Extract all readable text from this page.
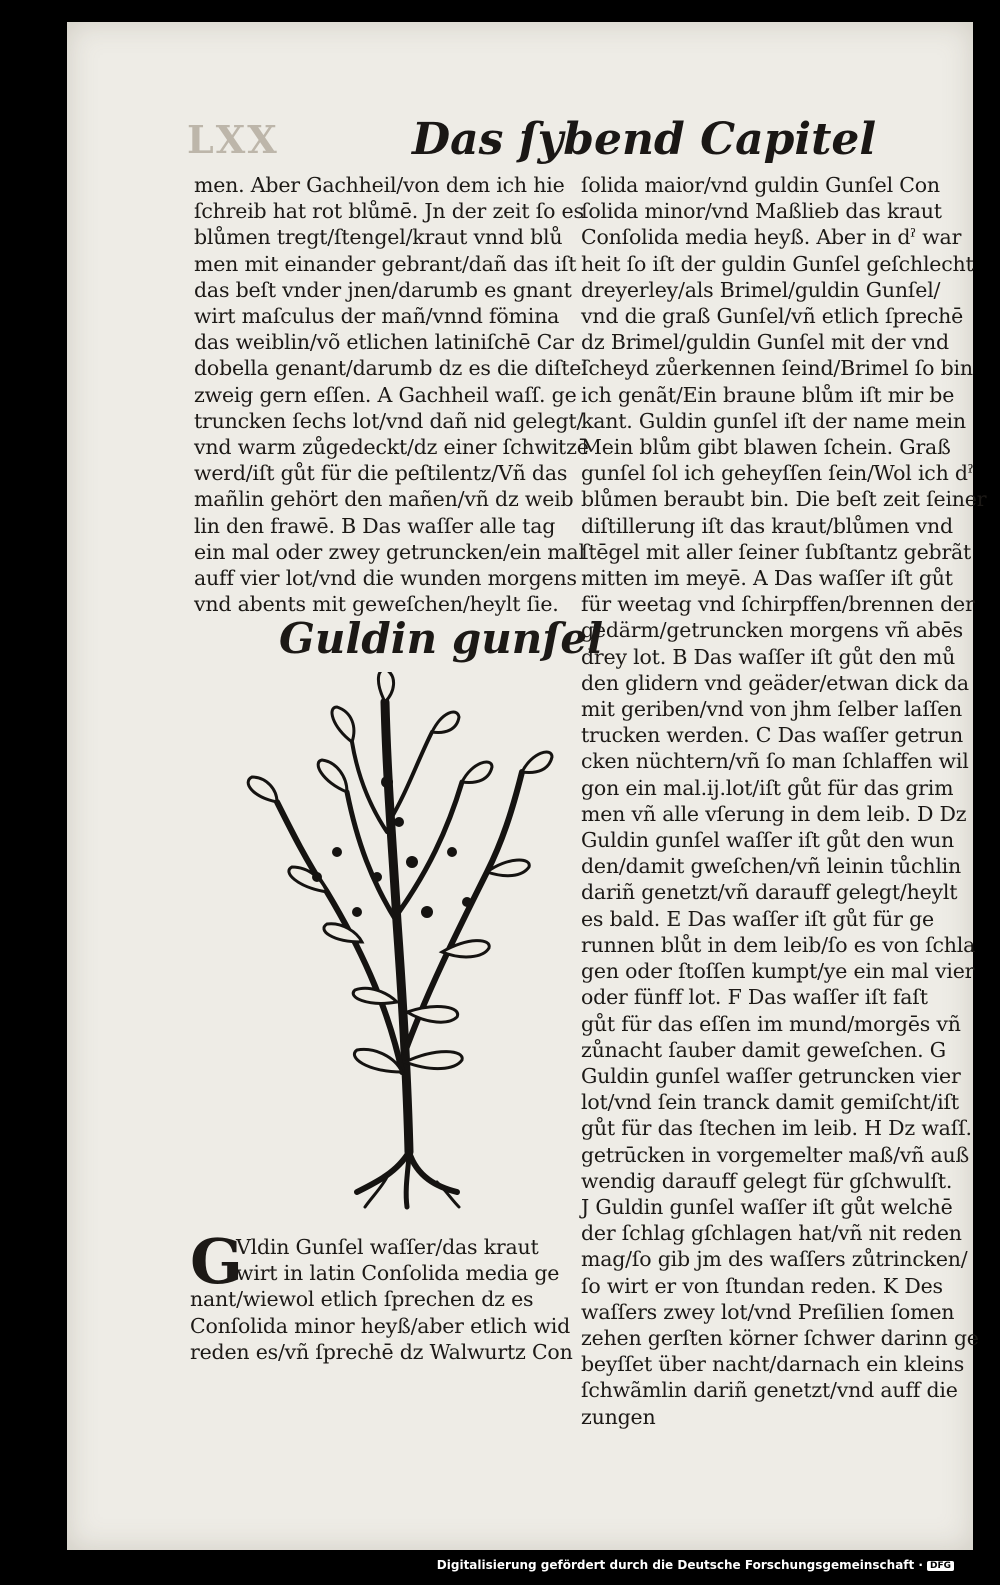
LXX	Das ſybend Capitel
men. Aber Gachheil/von dem ich hie
ſchreib hat rot blůmē. Jn der zeit ſo es
blůmen tregt/ſtengel/kraut vnnd blů
men mit einander gebrant/dañ das iſt
das beſt vnder jnen/darumb es gnant
wirt maſculus der mañ/vnnd fömina
das weiblin/võ etlichen latiniſchē Car
dobella genant/darumb dz es die diſtel
zweig gern eſſen. A Gachheil waſſ. ge
truncken ſechs lot/vnd dañ nid gelegt/
vnd warm zůgedeckt/dz einer ſchwitzē
werd/iſt gůt für die peſtilentz/Vñ das
mañlin gehört den mañen/vñ dz weib
lin den frawē. B Das waſſer alle tag
ein mal oder zwey getruncken/ein mal
auff vier lot/vnd die wunden morgens
vnd abents mit geweſchen/heylt ſie.
Guldin gunſel
G
Vldin Gunſel waſſer/das kraut
wirt in latin Conſolida media ge
nant/wiewol etlich ſprechen dz es
Conſolida minor heyß/aber etlich wid
reden es/vñ ſprechē dz Walwurtz Con
ſolida maior/vnd guldin Gunſel Con
ſolida minor/vnd Maßlieb das kraut
Conſolida media heyß. Aber in dˀ war
heit ſo iſt der guldin Gunſel geſchlecht
dreyerley/als Brimel/guldin Gunſel/
vnd die graß Gunſel/vñ etlich ſprechē
dz Brimel/guldin Gunſel mit der vnd
ſcheyd zůerkennen ſeind/Brimel ſo bin
ich genãt/Ein braune blům iſt mir be
kant. Guldin gunſel iſt der name mein
Mein blům gibt blawen ſchein. Graß
gunſel ſol ich geheyſſen ſein/Wol ich dˀ
blůmen beraubt bin. Die beſt zeit ſeiner
diſtillerung iſt das kraut/blůmen vnd
ſtēgel mit aller ſeiner ſubſtantz gebrãt
mitten im meyē. A Das waſſer iſt gůt
für weetag vnd ſchirpffen/brennen der
gedärm/getruncken morgens vñ abēs
drey lot. B Das waſſer iſt gůt den mů
den glidern vnd geäder/etwan dick da
mit geriben/vnd von jhm ſelber laſſen
trucken werden. C Das waſſer getrun
cken nüchtern/vñ ſo man ſchlaffen wil
gon ein mal.ij.lot/iſt gůt für das grim
men vñ alle vſerung in dem leib. D Dz
Guldin gunſel waſſer iſt gůt den wun
den/damit gweſchen/vñ leinin tůchlin
dariñ genetzt/vñ darauff gelegt/heylt
es bald. E Das waſſer iſt gůt für ge
runnen blůt in dem leib/ſo es von ſchla
gen oder ſtoſſen kumpt/ye ein mal vier
oder fünff lot. F Das waſſer iſt faſt
gůt für das eſſen im mund/morgēs vñ
zůnacht ſauber damit geweſchen. G
Guldin gunſel waſſer getruncken vier
lot/vnd ſein tranck damit gemiſcht/iſt
gůt für das ſtechen im leib. H Dz waſſ.
getrūcken in vorgemelter maß/vñ auß
wendig darauff gelegt für gſchwulſt.
J Guldin gunſel waſſer iſt gůt welchē
der ſchlag gſchlagen hat/vñ nit reden
mag/ſo gib jm des waſſers zůtrincken/
ſo wirt er von ſtundan reden. K Des
waſſers zwey lot/vnd Preſilien ſomen
zehen gerſten körner ſchwer darinn ge
beyſſet über nacht/darnach ein kleins
ſchwãmlin dariñ genetzt/vnd auff die
zungen
Digitalisierung gefördert durch die Deutsche Forschungsgemeinschaft · DFG
